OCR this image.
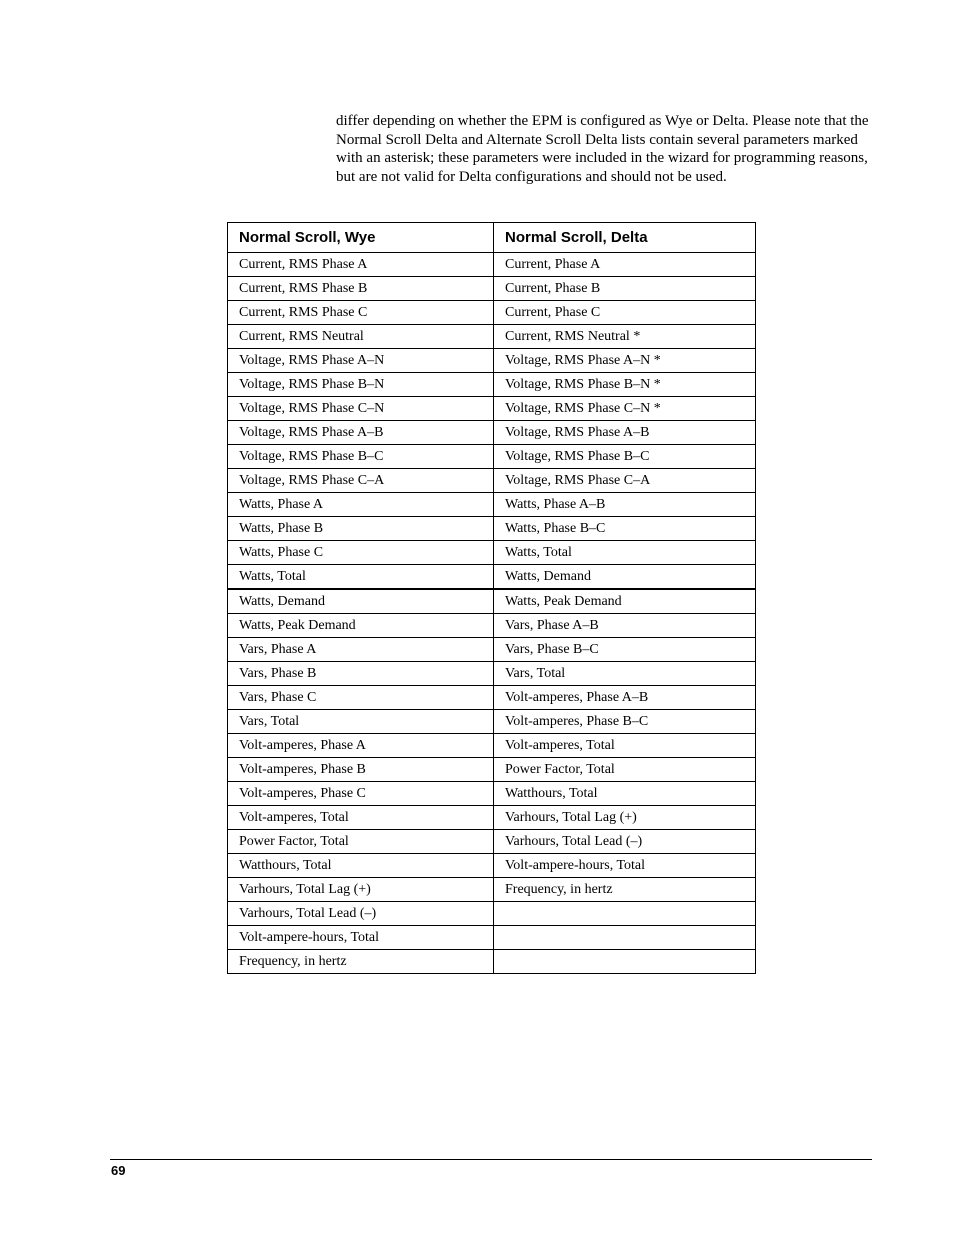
differ depending on whether the EPM is configured as Wye or Delta. Please note that the Normal Scroll Delta and Alternate Scroll Delta lists contain several parameters marked with an asterisk; these parameters were included in the wizard for programming reasons, but are not valid for Delta configurations and should not be used.

Normal Scroll, Wye	Normal Scroll, Delta
Current, RMS Phase A	Current, Phase A
Current, RMS Phase B	Current, Phase B
Current, RMS Phase C	Current, Phase C
Current, RMS Neutral	Current, RMS Neutral *
Voltage, RMS Phase A–N	Voltage, RMS Phase A–N *
Voltage, RMS Phase B–N	Voltage, RMS Phase B–N *
Voltage, RMS Phase C–N	Voltage, RMS Phase C–N *
Voltage, RMS Phase A–B	Voltage, RMS Phase A–B
Voltage, RMS Phase B–C	Voltage, RMS Phase B–C
Voltage, RMS Phase C–A	Voltage, RMS Phase C–A
Watts, Phase A	Watts, Phase A–B
Watts, Phase B	Watts, Phase B–C
Watts, Phase C	Watts, Total
Watts, Total	Watts, Demand
Watts, Demand	Watts, Peak Demand
Watts, Peak Demand	Vars, Phase A–B
Vars, Phase A	Vars, Phase B–C
Vars, Phase B	Vars, Total
Vars, Phase C	Volt-amperes, Phase A–B
Vars, Total	Volt-amperes, Phase B–C
Volt-amperes, Phase A	Volt-amperes, Total
Volt-amperes, Phase B	Power Factor, Total
Volt-amperes, Phase C	Watthours, Total
Volt-amperes, Total	Varhours, Total Lag (+)
Power Factor, Total	Varhours, Total Lead (–)
Watthours, Total	Volt-ampere-hours, Total
Varhours, Total Lag (+)	Frequency, in hertz
Varhours, Total Lead (–)	
Volt-ampere-hours, Total	
Frequency, in hertz	
69
